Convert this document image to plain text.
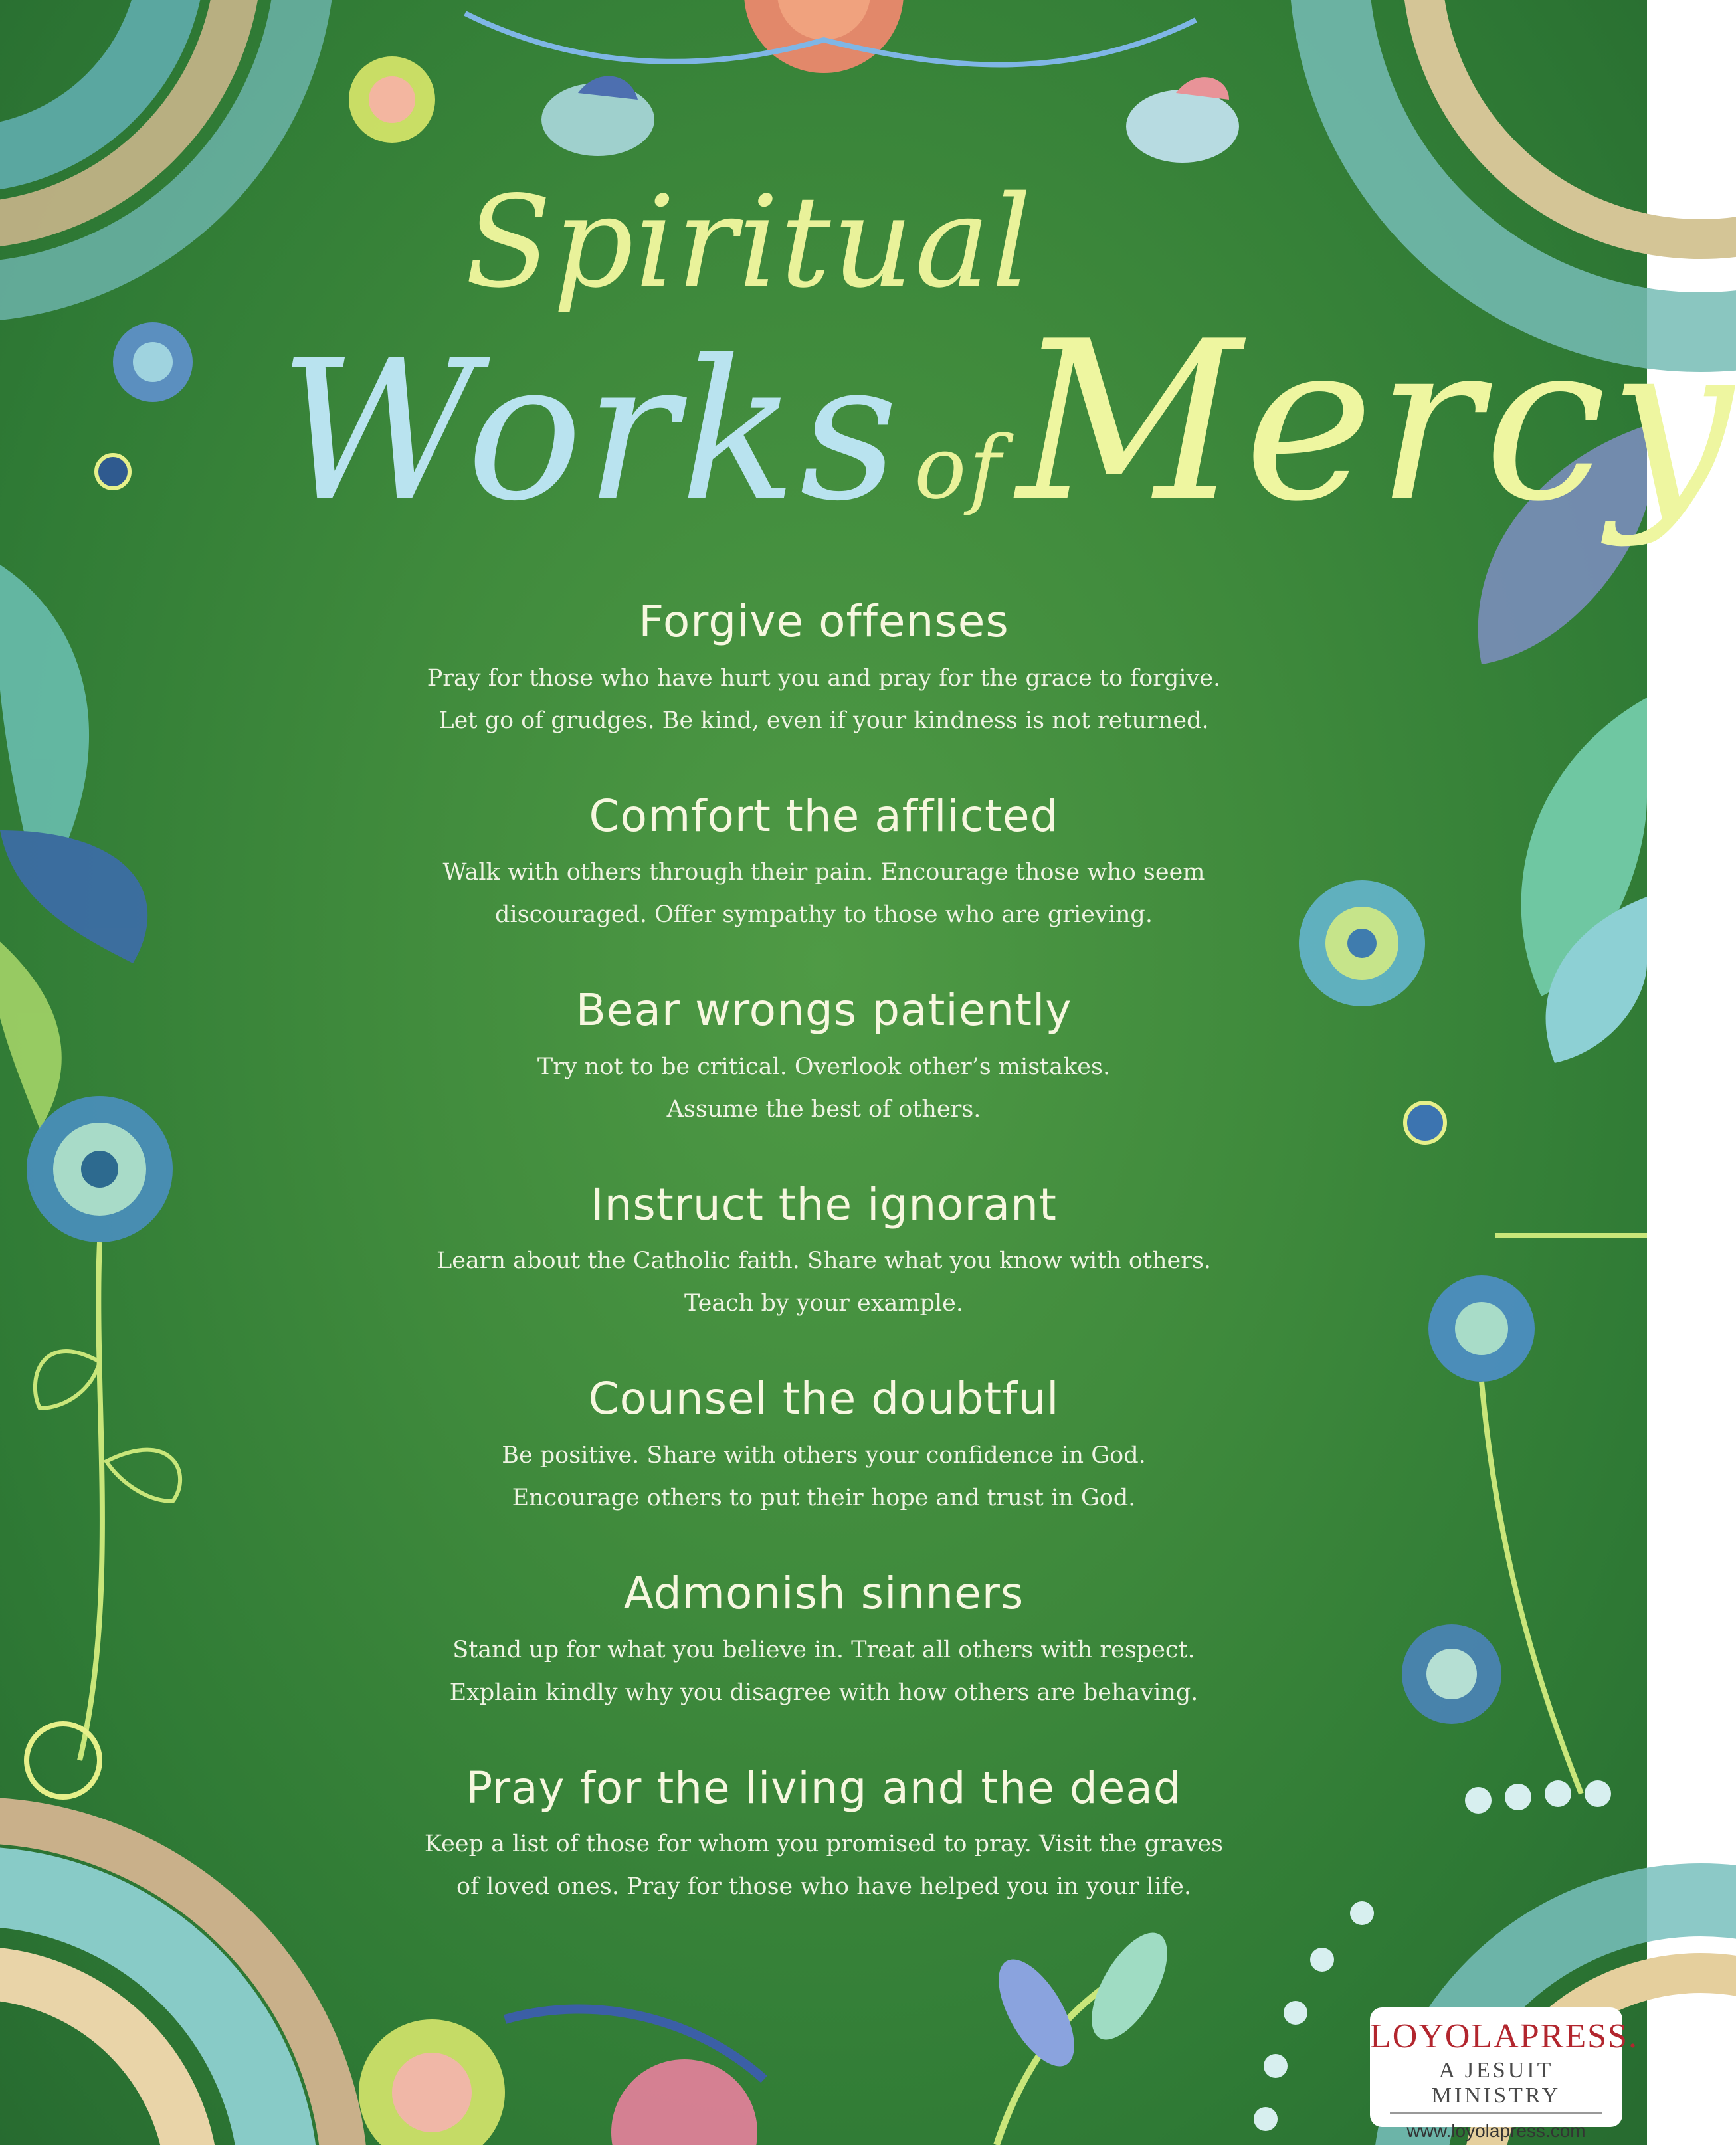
Spiritual

Works ofMercy

Forgive offenses

Pray for those who have hurt you and pray for the grace to forgive.
Let go of grudges. Be kind, even if your kindness is not returned.

Comfort the afflicted

Walk with others through their pain. Encourage those who seem
discouraged. Offer sympathy to those who are grieving.

Bear wrongs patiently

Try not to be critical. Overlook other’s mistakes.
Assume the best of others.

Instruct the ignorant

Learn about the Catholic faith. Share what you know with others.
Teach by your example.

Counsel the doubtful

Be positive. Share with others your confidence in God.
Encourage others to put their hope and trust in God.

Admonish sinners

Stand up for what you believe in. Treat all others with respect.
Explain kindly why you disagree with how others are behaving.

Pray for the living and the dead

Keep a list of those for whom you promised to pray. Visit the graves
of loved ones. Pray for those who have helped you in your life.

LOYOLAPRESS.
A JESUIT MINISTRY
www.loyolapress.com
